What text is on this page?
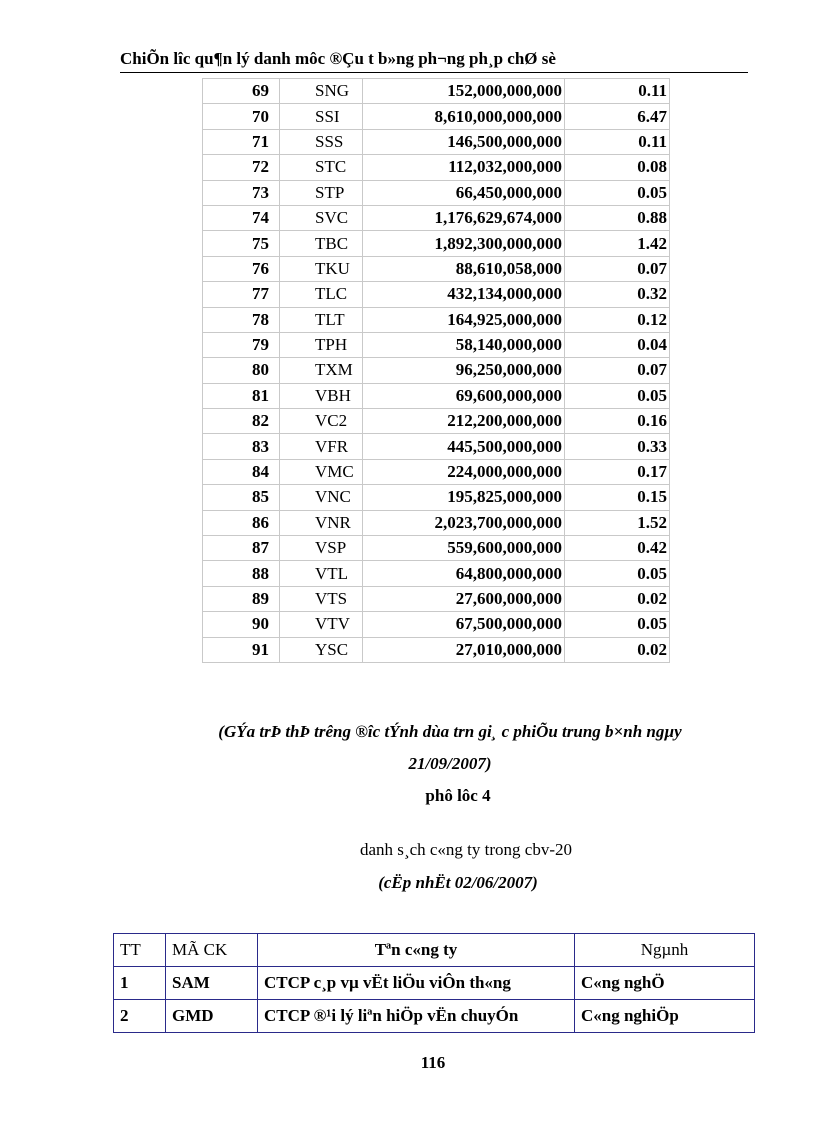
ChiÕn lîc qu¶n lý danh môc ®Çu t b»ng ph¬ng ph¸p chØ sè
69	SNG	152,000,000,000	0.11
70	SSI	8,610,000,000,000	6.47
71	SSS	146,500,000,000	0.11
72	STC	112,032,000,000	0.08
73	STP	66,450,000,000	0.05
74	SVC	1,176,629,674,000	0.88
75	TBC	1,892,300,000,000	1.42
76	TKU	88,610,058,000	0.07
77	TLC	432,134,000,000	0.32
78	TLT	164,925,000,000	0.12
79	TPH	58,140,000,000	0.04
80	TXM	96,250,000,000	0.07
81	VBH	69,600,000,000	0.05
82	VC2	212,200,000,000	0.16
83	VFR	445,500,000,000	0.33
84	VMC	224,000,000,000	0.17
85	VNC	195,825,000,000	0.15
86	VNR	2,023,700,000,000	1.52
87	VSP	559,600,000,000	0.42
88	VTL	64,800,000,000	0.05
89	VTS	27,600,000,000	0.02
90	VTV	67,500,000,000	0.05
91	YSC	27,010,000,000	0.02
(GÝa trÞ thÞ trêng ®îc tÝnh dùa trn gi¸ c phiÕu trung b×nh ngµy
21/09/2007)
phô lôc 4
danh s¸ch c«ng ty trong cbv-20
(cËp nhËt 02/06/2007)
TT	MÃ CK	Tªn c«ng ty	Ngµnh
1	SAM	CTCP c¸p vµ vËt liÖu viÔn th«ng	C«ng nghÖ
2	GMD	CTCP ®¹i lý liªn hiÖp vËn chuyÓn	C«ng nghiÖp
116
